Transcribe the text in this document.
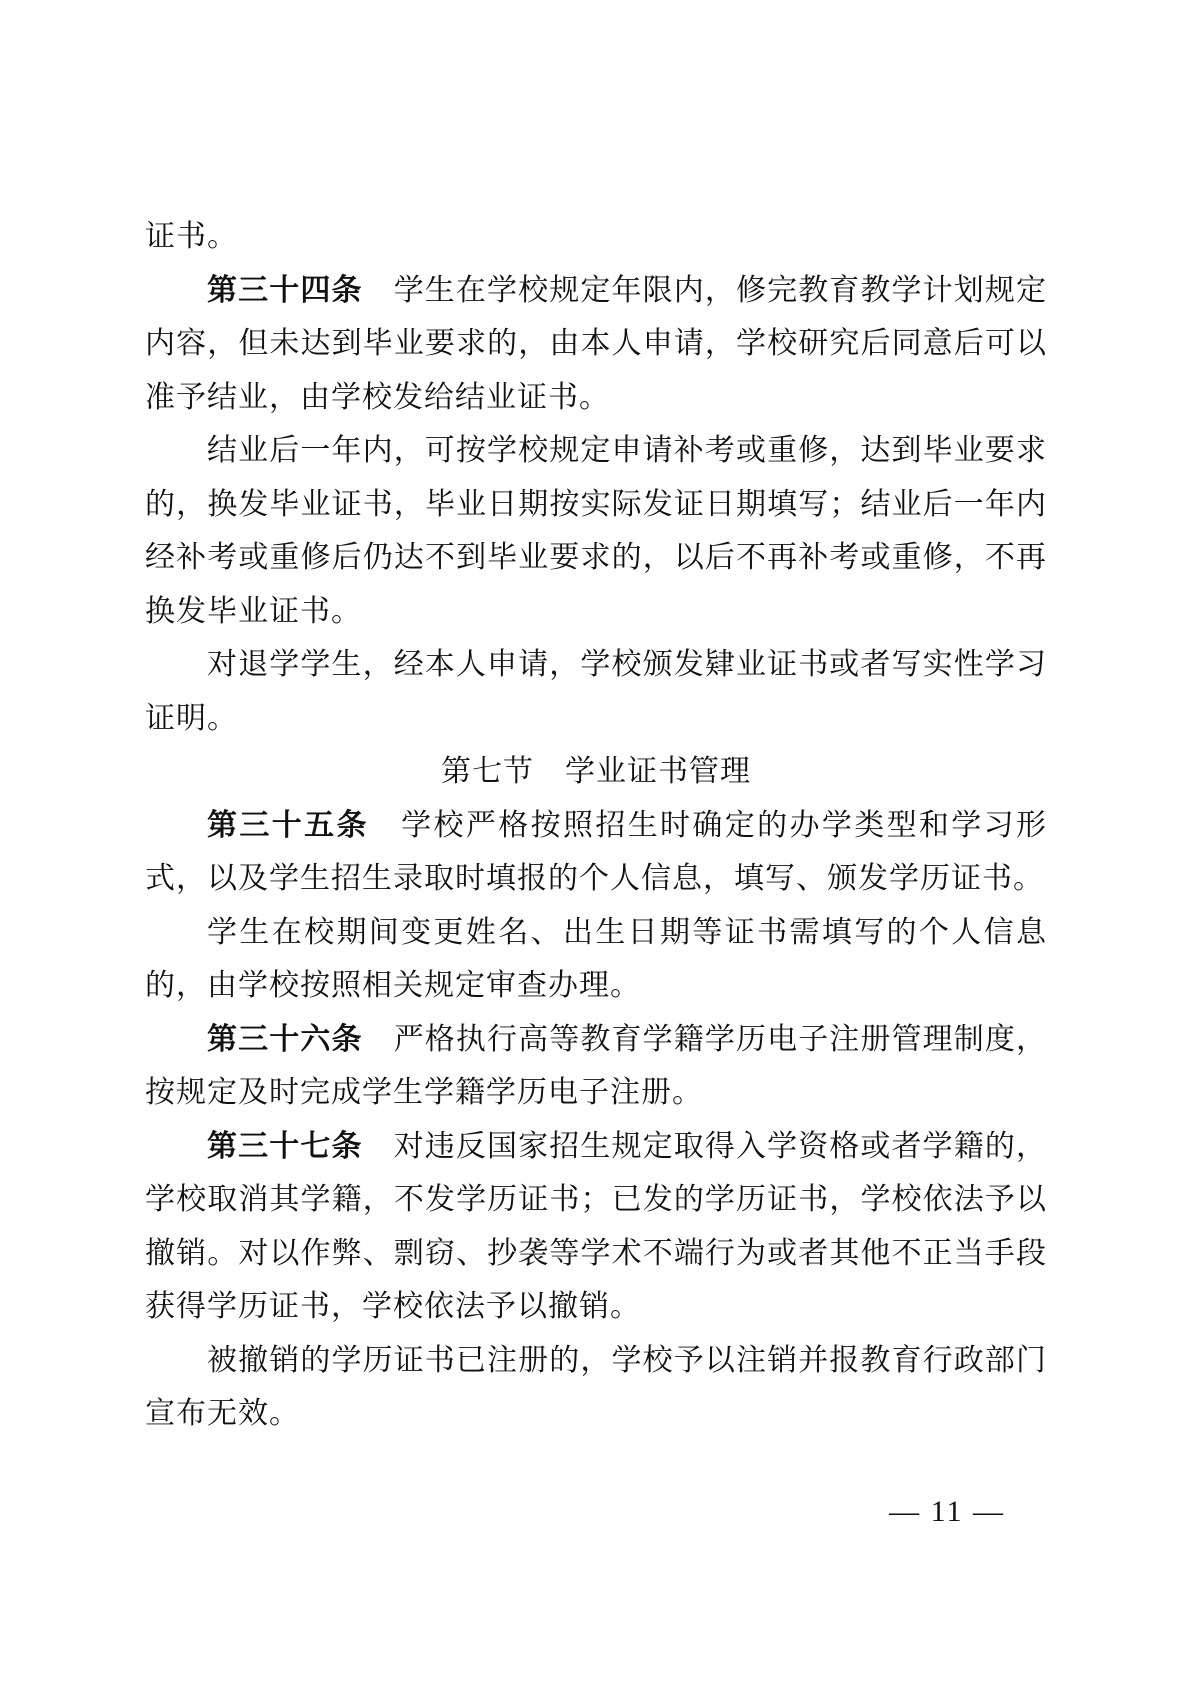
证书。

第三十四条　学生在学校规定年限内，修完教育教学计划规定内容，但未达到毕业要求的，由本人申请，学校研究后同意后可以准予结业，由学校发给结业证书。

结业后一年内，可按学校规定申请补考或重修，达到毕业要求的，换发毕业证书，毕业日期按实际发证日期填写；结业后一年内经补考或重修后仍达不到毕业要求的，以后不再补考或重修，不再换发毕业证书。

对退学学生，经本人申请，学校颁发肄业证书或者写实性学习证明。

第七节　学业证书管理

第三十五条　学校严格按照招生时确定的办学类型和学习形式，以及学生招生录取时填报的个人信息，填写、颁发学历证书。

学生在校期间变更姓名、出生日期等证书需填写的个人信息的，由学校按照相关规定审查办理。

第三十六条　严格执行高等教育学籍学历电子注册管理制度，按规定及时完成学生学籍学历电子注册。

第三十七条　对违反国家招生规定取得入学资格或者学籍的，学校取消其学籍，不发学历证书；已发的学历证书，学校依法予以撤销。对以作弊、剽窃、抄袭等学术不端行为或者其他不正当手段获得学历证书，学校依法予以撤销。

被撤销的学历证书已注册的，学校予以注销并报教育行政部门宣布无效。

— 11 —
